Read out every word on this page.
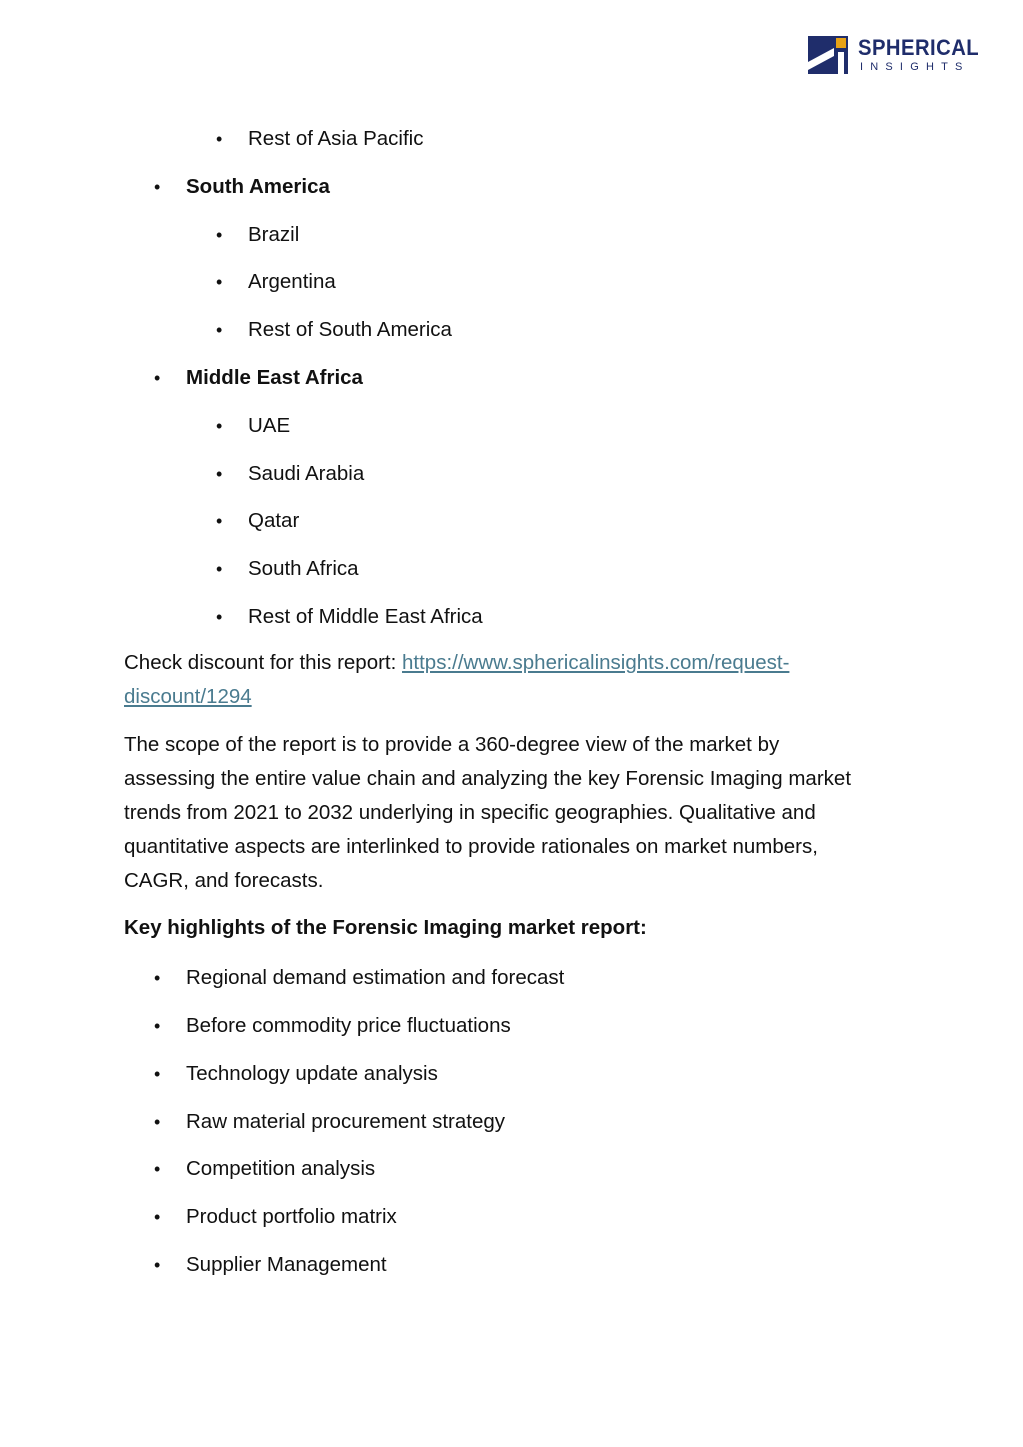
SPHERICAL
INSIGHTS
• Rest of Asia Pacific
• South America
• Brazil
• Argentina
• Rest of South America
• Middle East Africa
• UAE
• Saudi Arabia
• Qatar
• South Africa
• Rest of Middle East Africa

Check discount for this report: https://www.sphericalinsights.com/request-
discount/1294

The scope of the report is to provide a 360-degree view of the market by
assessing the entire value chain and analyzing the key Forensic Imaging market
trends from 2021 to 2032 underlying in specific geographies. Qualitative and
quantitative aspects are interlinked to provide rationales on market numbers,
CAGR, and forecasts.

Key highlights of the Forensic Imaging market report:

• Regional demand estimation and forecast
• Before commodity price fluctuations
• Technology update analysis
• Raw material procurement strategy
• Competition analysis
• Product portfolio matrix
• Supplier Management
